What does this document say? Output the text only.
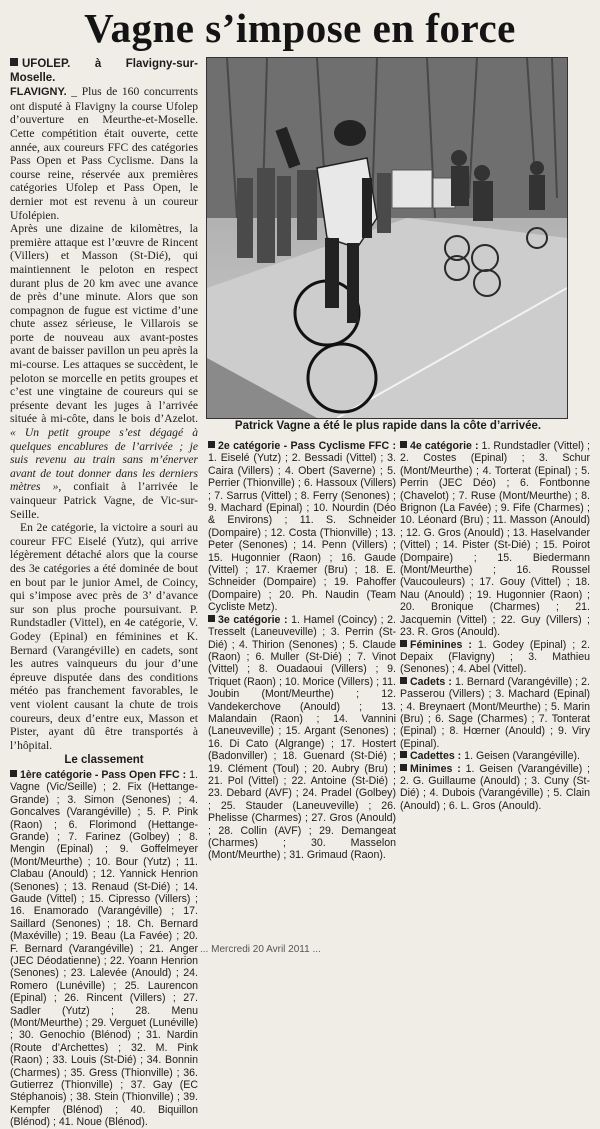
Vagne s’impose en force
UFOLEP. à Flavigny-sur-Moselle.

FLAVIGNY. _ Plus de 160 concurrents ont disputé à Flavigny la course Ufolep d’ouverture en Meurthe-et-Moselle. Cette compétition était ouverte, cette année, aux coureurs FFC des catégories Pass Open et Pass Cyclisme. Dans la course reine, réservée aux premières catégories Ufolep et Pass Open, le dernier mot est revenu à un coureur Ufolépien.

Après une dizaine de kilomètres, la première attaque est l’œuvre de Rincent (Villers) et Masson (St-Dié), qui maintiennent le peloton en respect durant plus de 20 km avec une avance de près d’une minute. Alors que son compagnon de fugue est victime d’une chute assez sérieuse, le Villarois se porte de nouveau aux avant-postes avant de baisser pavillon un peu après la mi-course. Les attaques se succèdent, le peloton se morcelle en petits groupes et c’est une vingtaine de coureurs qui se présente devant les juges à l’arrivée située à mi-côte, dans le bois d’Azelot. « Un petit groupe s’est dégagé à quelques encablures de l’arrivée ; je suis revenu au train sans m’énerver avant de tout donner dans les derniers mètres », confiait à l’arrivée le vainqueur Patrick Vagne, de Vic-sur-Seille.

En 2e catégorie, la victoire a souri au coureur FFC Eiselé (Yutz), qui arrive légèrement détaché alors que la course des 3e catégories a été dominée de bout en bout par le junior Amel, de Coincy, qui s’impose avec près de 3’ d’avance sur son plus proche poursuivant. P. Rundstadler (Vittel), en 4e catégorie, V. Godey (Epinal) en féminines et K. Bernard (Varangéville) en cadets, sont les autres vainqueurs du jour d’une épreuve disputée dans des conditions météo pas franchement favorables, le vent violent causant la chute de trois coureurs, deux d’entre eux, Masson et Pister, ayant dû être transportés à l’hôpital.

Le classement
1ère catégorie - Pass Open FFC : 1. Vagne (Vic/Seille) ; 2. Fix (Hettange-Grande) ; 3. Simon (Senones) ; 4. Goncalves (Varangéville) ; 5. P. Pink (Raon) ; 6. Florimond (Hettange-Grande) ; 7. Farinez (Golbey) ; 8. Mengin (Epinal) ; 9. Goffelmeyer (Mont/Meurthe) ; 10. Bour (Yutz) ; 11. Clabau (Anould) ; 12. Yannick Henrion (Senones) ; 13. Renaud (St-Dié) ; 14. Gaude (Vittel) ; 15. Cipresso (Villers) ; 16. Enamorado (Varangéville) ; 17. Saillard (Senones) ; 18. Ch. Bernard (Maxéville) ; 19. Beau (La Favée) ; 20. F. Bernard (Varangéville) ; 21. Anger (JEC Déodatienne) ; 22. Yoann Henrion (Senones) ; 23. Lalevée (Anould) ; 24. Romero (Lunéville) ; 25. Laurencon (Epinal) ; 26. Rincent (Villers) ; 27. Sadler (Yutz) ; 28. Menu (Mont/Meurthe) ; 29. Verguet (Lunéville) ; 30. Genochio (Blénod) ; 31. Nardin (Route d’Archettes) ; 32. M. Pink (Raon) ; 33. Louis (St-Dié) ; 34. Bonnin (Charmes) ; 35. Gress (Thionville) ; 36. Gutierrez (Thionville) ; 37. Gay (EC Stéphanois) ; 38. Stein (Thionville) ; 39. Kempfer (Blénod) ; 40. Biquillon (Blénod) ; 41. Noue (Blénod).
Patrick Vagne a été le plus rapide dans la côte d’arrivée.
2e catégorie - Pass Cyclisme FFC : 1. Eiselé (Yutz) ; 2. Bessadi (Vittel) ; 3. Caira (Villers) ; 4. Obert (Saverne) ; 5. Perrier (Thionville) ; 6. Hassoux (Villers) ; 7. Sarrus (Vittel) ; 8. Ferry (Senones) ; 9. Machard (Epinal) ; 10. Nourdin (Déo & Environs) ; 11. S. Schneider (Dompaire) ; 12. Costa (Thionville) ; 13. Peter (Senones) ; 14. Penn (Villers) ; 15. Hugonnier (Raon) ; 16. Gaude (Vittel) ; 17. Kraemer (Bru) ; 18. E. Schneider (Dompaire) ; 19. Pahoffer (Dompaire) ; 20. Ph. Naudin (Team Cycliste Metz).
3e catégorie : 1. Hamel (Coincy) ; 2. Tresselt (Laneuveville) ; 3. Perrin (St-Dié) ; 4. Thirion (Senones) ; 5. Claude (Raon) ; 6. Muller (St-Dié) ; 7. Vinot (Vittel) ; 8. Ouadaoui (Villers) ; 9. Triquet (Raon) ; 10. Morice (Villers) ; 11. Joubin (Mont/Meurthe) ; 12. Vandekerchove (Anould) ; 13. Malandain (Raon) ; 14. Vannini (Laneuveville) ; 15. Argant (Senones) ; 16. Di Cato (Algrange) ; 17. Hostert (Badonviller) ; 18. Guenard (St-Dié) ; 19. Clément (Toul) ; 20. Aubry (Bru) ; 21. Pol (Vittel) ; 22. Antoine (St-Dié) ; 23. Debard (AVF) ; 24. Pradel (Golbey) ; 25. Stauder (Laneuveville) ; 26. Phelisse (Charmes) ; 27. Gros (Anould) ; 28. Collin (AVF) ; 29. Demangeat (Charmes) ; 30. Masselon (Mont/Meurthe) ; 31. Grimaud (Raon).
4e catégorie : 1. Rundstadler (Vittel) ; 2. Costes (Epinal) ; 3. Schur (Mont/Meurthe) ; 4. Torterat (Epinal) ; 5. Perrin (JEC Déo) ; 6. Fontbonne (Chavelot) ; 7. Ruse (Mont/Meurthe) ; 8. Brignon (La Favée) ; 9. Fife (Charmes) ; 10. Léonard (Bru) ; 11. Masson (Anould) ; 12. G. Gros (Anould) ; 13. Haselvander (Vittel) ; 14. Pister (St-Dié) ; 15. Poirot (Dompaire) ; 15. Biedermann (Mont/Meurthe) ; 16. Roussel (Vaucouleurs) ; 17. Gouy (Vittel) ; 18. Nau (Anould) ; 19. Hugonnier (Raon) ; 20. Bronique (Charmes) ; 21. Jacquemin (Vittel) ; 22. Guy (Villers) ; 23. R. Gros (Anould).
Féminines : 1. Godey (Epinal) ; 2. Depaix (Flavigny) ; 3. Mathieu (Senones) ; 4. Abel (Vittel).
Cadets : 1. Bernard (Varangéville) ; 2. Passerou (Villers) ; 3. Machard (Epinal) ; 4. Breynaert (Mont/Meurthe) ; 5. Marin (Bru) ; 6. Sage (Charmes) ; 7. Tonterat (Epinal) ; 8. Hœrner (Anould) ; 9. Viry (Epinal).
Cadettes : 1. Geisen (Varangéville).
Minimes : 1. Geisen (Varangéville) ; 2. G. Guillaume (Anould) ; 3. Cuny (St-Dié) ; 4. Dubois (Varangéville) ; 5. Clain (Anould) ; 6. L. Gros (Anould).
... Mercredi 20 Avril 2011 ...
